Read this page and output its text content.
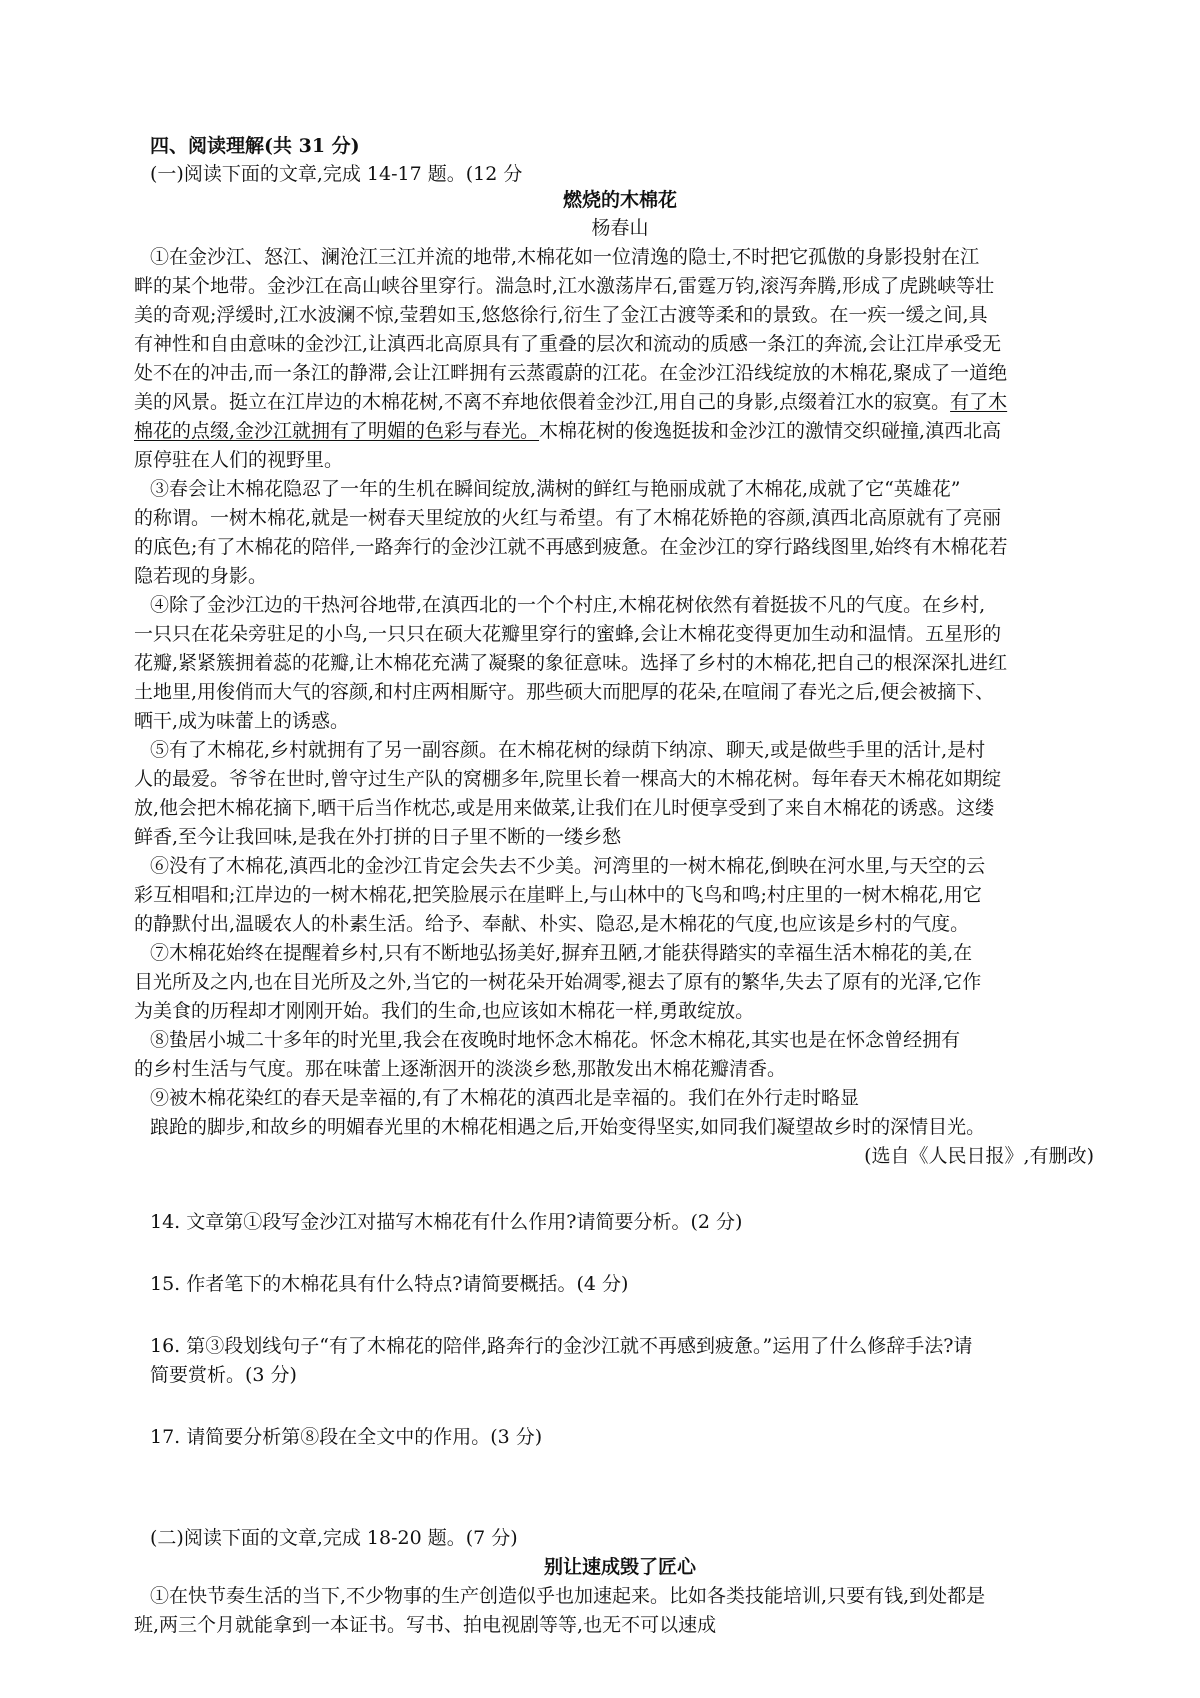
四、阅读理解(共 31 分)
(一)阅读下面的文章,完成 14-17 题。(12 分
燃烧的木棉花
杨春山
①在金沙江、怒江、澜沧江三江并流的地带,木棉花如一位清逸的隐士,不时把它孤傲的身影投射在江
畔的某个地带。金沙江在高山峡谷里穿行。湍急时,江水激荡岸石,雷霆万钧,滚泻奔腾,形成了虎跳峡等壮
美的奇观;浮缓时,江水波澜不惊,莹碧如玉,悠悠徐行,衍生了金江古渡等柔和的景致。在一疾一缓之间,具
有神性和自由意味的金沙江,让滇西北高原具有了重叠的层次和流动的质感一条江的奔流,会让江岸承受无
处不在的冲击,而一条江的静滞,会让江畔拥有云蒸霞蔚的江花。在金沙江沿线绽放的木棉花,聚成了一道绝
美的风景。挺立在江岸边的木棉花树,不离不弃地依偎着金沙江,用自己的身影,点缀着江水的寂寞。有了木
棉花的点缀,金沙江就拥有了明媚的色彩与春光。木棉花树的俊逸挺拔和金沙江的激情交织碰撞,滇西北高
原停驻在人们的视野里。
③春会让木棉花隐忍了一年的生机在瞬间绽放,满树的鲜红与艳丽成就了木棉花,成就了它“英雄花”
的称谓。一树木棉花,就是一树春天里绽放的火红与希望。有了木棉花娇艳的容颜,滇西北高原就有了亮丽
的底色;有了木棉花的陪伴,一路奔行的金沙江就不再感到疲惫。在金沙江的穿行路线图里,始终有木棉花若
隐若现的身影。
④除了金沙江边的干热河谷地带,在滇西北的一个个村庄,木棉花树依然有着挺拔不凡的气度。在乡村,
一只只在花朵旁驻足的小鸟,一只只在硕大花瓣里穿行的蜜蜂,会让木棉花变得更加生动和温情。五星形的
花瓣,紧紧簇拥着蕊的花瓣,让木棉花充满了凝聚的象征意味。选择了乡村的木棉花,把自己的根深深扎进红
土地里,用俊俏而大气的容颜,和村庄两相厮守。那些硕大而肥厚的花朵,在喧闹了春光之后,便会被摘下、
晒干,成为味蕾上的诱惑。
⑤有了木棉花,乡村就拥有了另一副容颜。在木棉花树的绿荫下纳凉、聊天,或是做些手里的活计,是村
人的最爱。爷爷在世时,曾守过生产队的窝棚多年,院里长着一棵高大的木棉花树。每年春天木棉花如期绽
放,他会把木棉花摘下,晒干后当作枕芯,或是用来做菜,让我们在儿时便享受到了来自木棉花的诱惑。这缕
鲜香,至今让我回味,是我在外打拼的日子里不断的一缕乡愁
⑥没有了木棉花,滇西北的金沙江肯定会失去不少美。河湾里的一树木棉花,倒映在河水里,与天空的云
彩互相唱和;江岸边的一树木棉花,把笑脸展示在崖畔上,与山林中的飞鸟和鸣;村庄里的一树木棉花,用它
的静默付出,温暖农人的朴素生活。给予、奉献、朴实、隐忍,是木棉花的气度,也应该是乡村的气度。
⑦木棉花始终在提醒着乡村,只有不断地弘扬美好,摒弃丑陋,才能获得踏实的幸福生活木棉花的美,在
目光所及之内,也在目光所及之外,当它的一树花朵开始凋零,褪去了原有的繁华,失去了原有的光泽,它作
为美食的历程却才刚刚开始。我们的生命,也应该如木棉花一样,勇敢绽放。
⑧蛰居小城二十多年的时光里,我会在夜晚时地怀念木棉花。怀念木棉花,其实也是在怀念曾经拥有
的乡村生活与气度。那在味蕾上逐渐洇开的淡淡乡愁,那散发出木棉花瓣清香。
⑨被木棉花染红的春天是幸福的,有了木棉花的滇西北是幸福的。我们在外行走时略显
踉跄的脚步,和故乡的明媚春光里的木棉花相遇之后,开始变得坚实,如同我们凝望故乡时的深情目光。
(选自《人民日报》,有删改)
14. 文章第①段写金沙江对描写木棉花有什么作用?请简要分析。(2 分)
15. 作者笔下的木棉花具有什么特点?请简要概括。(4 分)
16. 第③段划线句子“有了木棉花的陪伴,路奔行的金沙江就不再感到疲惫。”运用了什么修辞手法?请
简要赏析。(3 分)
17. 请简要分析第⑧段在全文中的作用。(3 分)
(二)阅读下面的文章,完成 18-20 题。(7 分)
别让速成毁了匠心
①在快节奏生活的当下,不少物事的生产创造似乎也加速起来。比如各类技能培训,只要有钱,到处都是
班,两三个月就能拿到一本证书。写书、拍电视剧等等,也无不可以速成
